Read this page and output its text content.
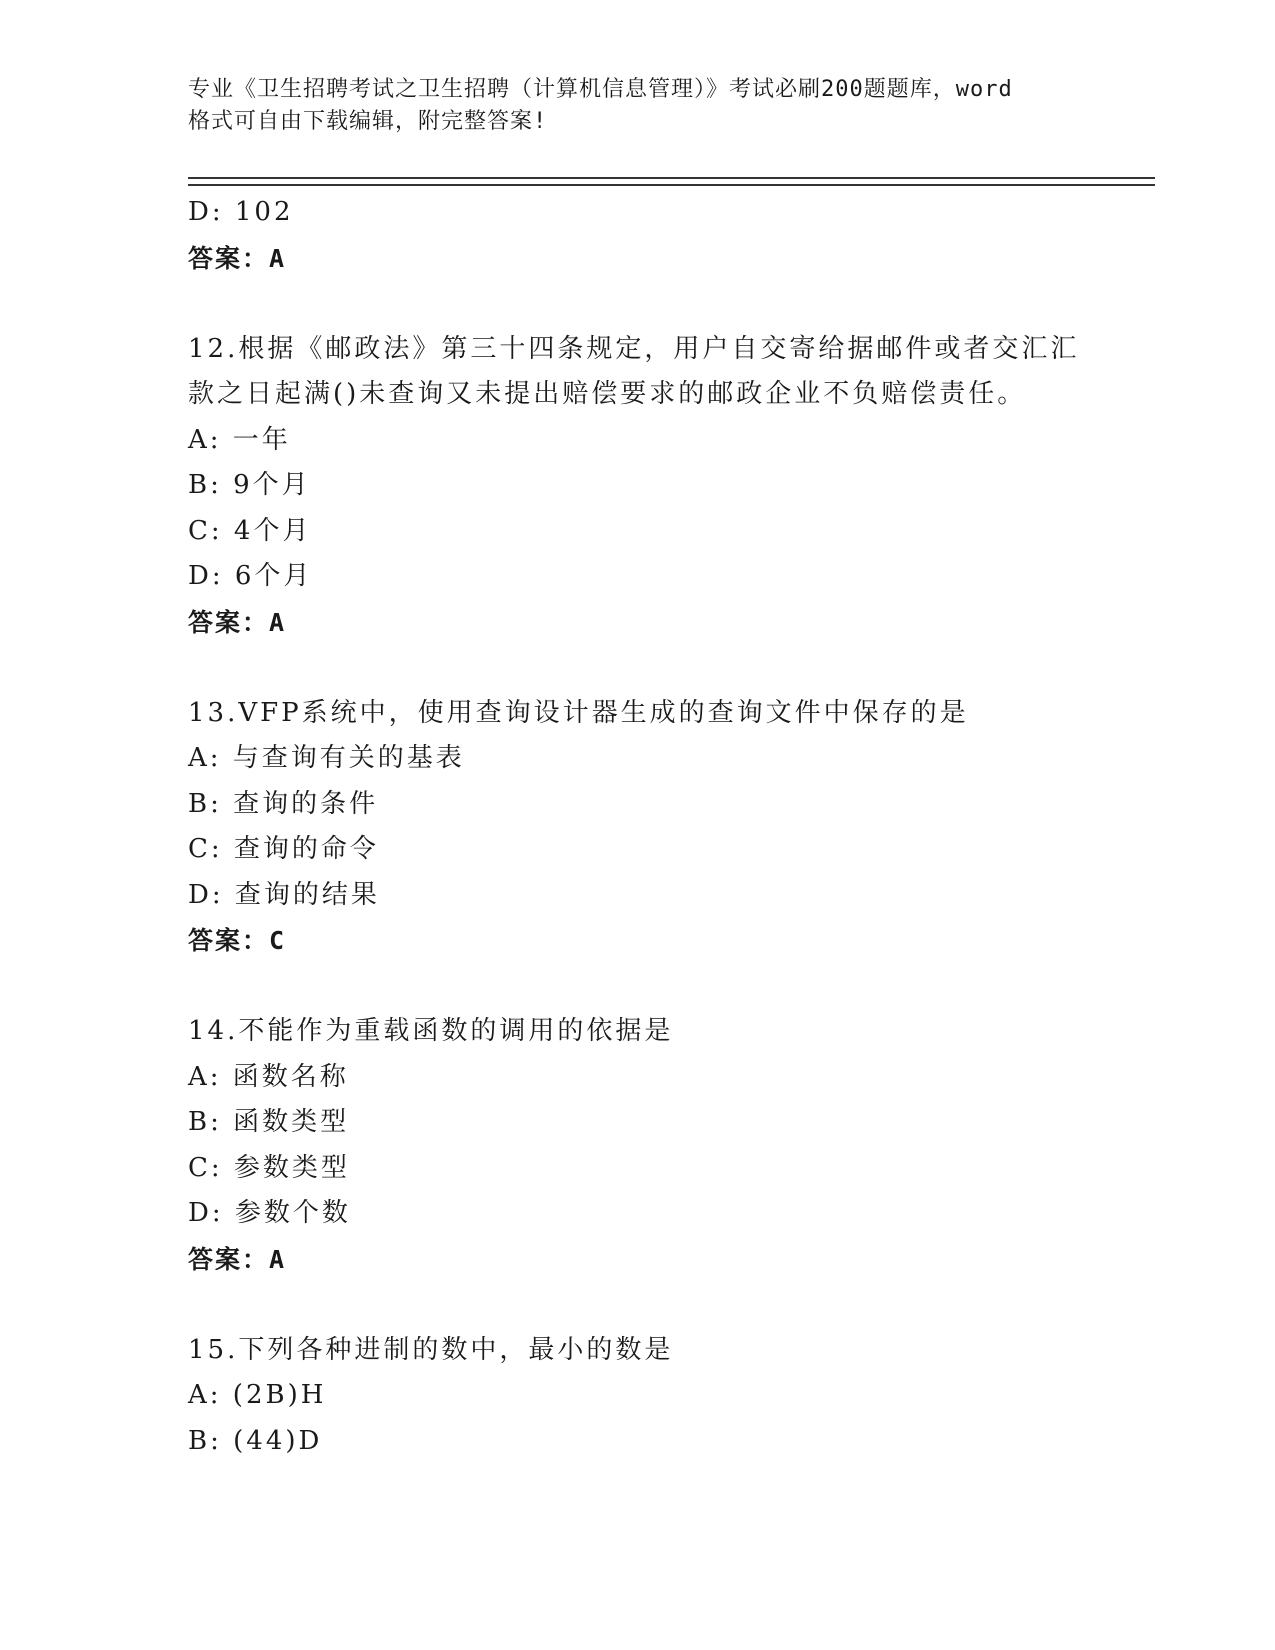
专业《卫生招聘考试之卫生招聘（计算机信息管理）》考试必刷200题题库，word
格式可自由下载编辑，附完整答案!
D: 102
答案：A
12.根据《邮政法》第三十四条规定，用户自交寄给据邮件或者交汇汇
款之日起满()未查询又未提出赔偿要求的邮政企业不负赔偿责任。
A: 一年
B: 9个月
C: 4个月
D: 6个月
答案：A
13.VFP系统中，使用查询设计器生成的查询文件中保存的是
A: 与查询有关的基表
B: 查询的条件
C: 查询的命令
D: 查询的结果
答案：C
14.不能作为重载函数的调用的依据是
A: 函数名称
B: 函数类型
C: 参数类型
D: 参数个数
答案：A
15.下列各种进制的数中，最小的数是
A: (2B)H
B: (44)D
